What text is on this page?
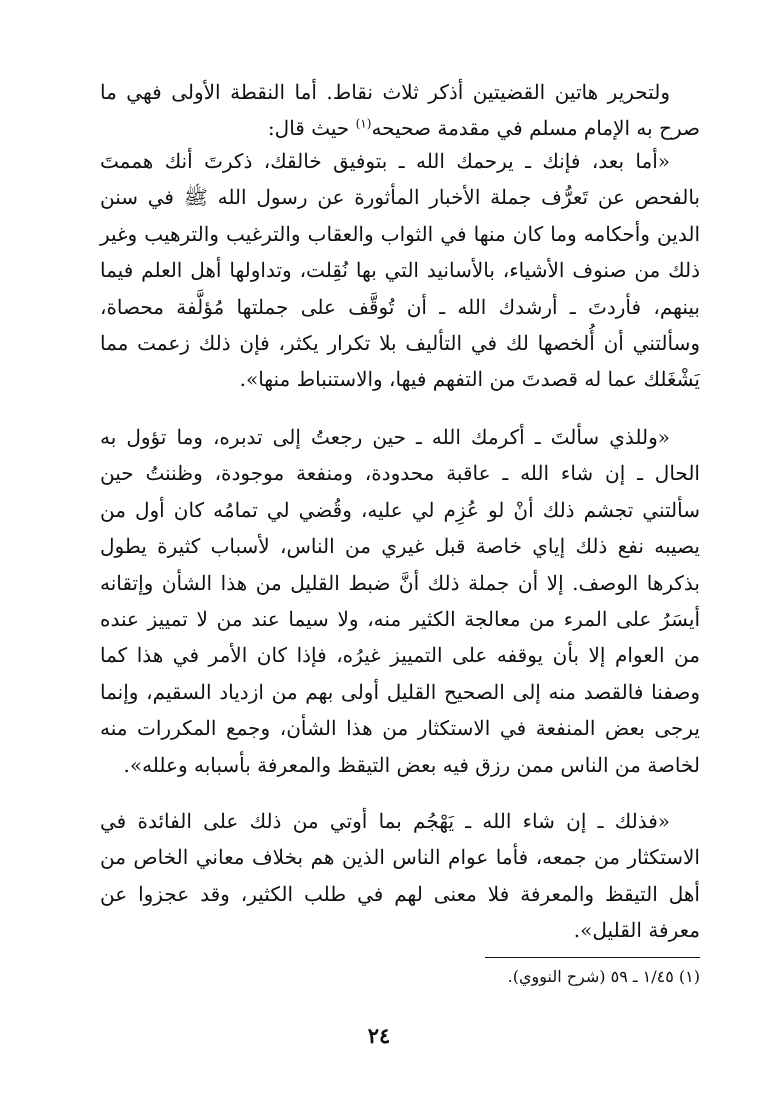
ولتحرير هاتين القضيتين أذكر ثلاث نقاط. أما النقطة الأولى فهي ما صرح به الإمام مسلم في مقدمة صحيحه$^{(١)}$ حيث قال:

«أما بعد، فإنك ـ يرحمك الله ـ بتوفيق خالقك، ذكرتَ أنك هممتَ بالفحص عن تَعرُّف جملة الأخبار المأثورة عن رسول الله ﷺ في سنن الدين وأحكامه وما كان منها في الثواب والعقاب والترغيب والترهيب وغير ذلك من صنوف الأشياء، بالأسانيد التي بها نُقِلت، وتداولها أهل العلم فيما بينهم، فأردتَ ـ أرشدك الله ـ أن تُوقَّف على جملتها مُؤلَّفة محصاة، وسألتني أن أُلخصها لك في التأليف بلا تكرار يكثر، فإن ذلك زعمت مما يَشْغَلك عما له قصدتَ من التفهم فيها، والاستنباط منها».

«وللذي سألتَ ـ أكرمك الله ـ حين رجعتُ إلى تدبره، وما تؤول به الحال ـ إن شاء الله ـ عاقبة محدودة، ومنفعة موجودة، وظننتُ حين سألتني تجشم ذلك أنْ لو عُزِم لي عليه، وقُضي لي تمامُه كان أول من يصيبه نفع ذلك إياي خاصة قبل غيري من الناس، لأسباب كثيرة يطول بذكرها الوصف. إلا أن جملة ذلك أنَّ ضبط القليل من هذا الشأن وإتقانه أيسَرُ على المرء من معالجة الكثير منه، ولا سيما عند من لا تمييز عنده من العوام إلا بأن يوقفه على التمييز غيرُه، فإذا كان الأمر في هذا كما وصفنا فالقصد منه إلى الصحيح القليل أولى بهم من ازدياد السقيم، وإنما يرجى بعض المنفعة في الاستكثار من هذا الشأن، وجمع المكررات منه لخاصة من الناس ممن رزق فيه بعض التيقظ والمعرفة بأسبابه وعلله».

«فذلك ـ إن شاء الله ـ يَهْجُم بما أوتي من ذلك على الفائدة في الاستكثار من جمعه، فأما عوام الناس الذين هم بخلاف معاني الخاص من أهل التيقظ والمعرفة فلا معنى لهم في طلب الكثير، وقد عجزوا عن معرفة القليل».

(١) ١/٤٥ ـ ٥٩ (شرح النووي).
٢٤
